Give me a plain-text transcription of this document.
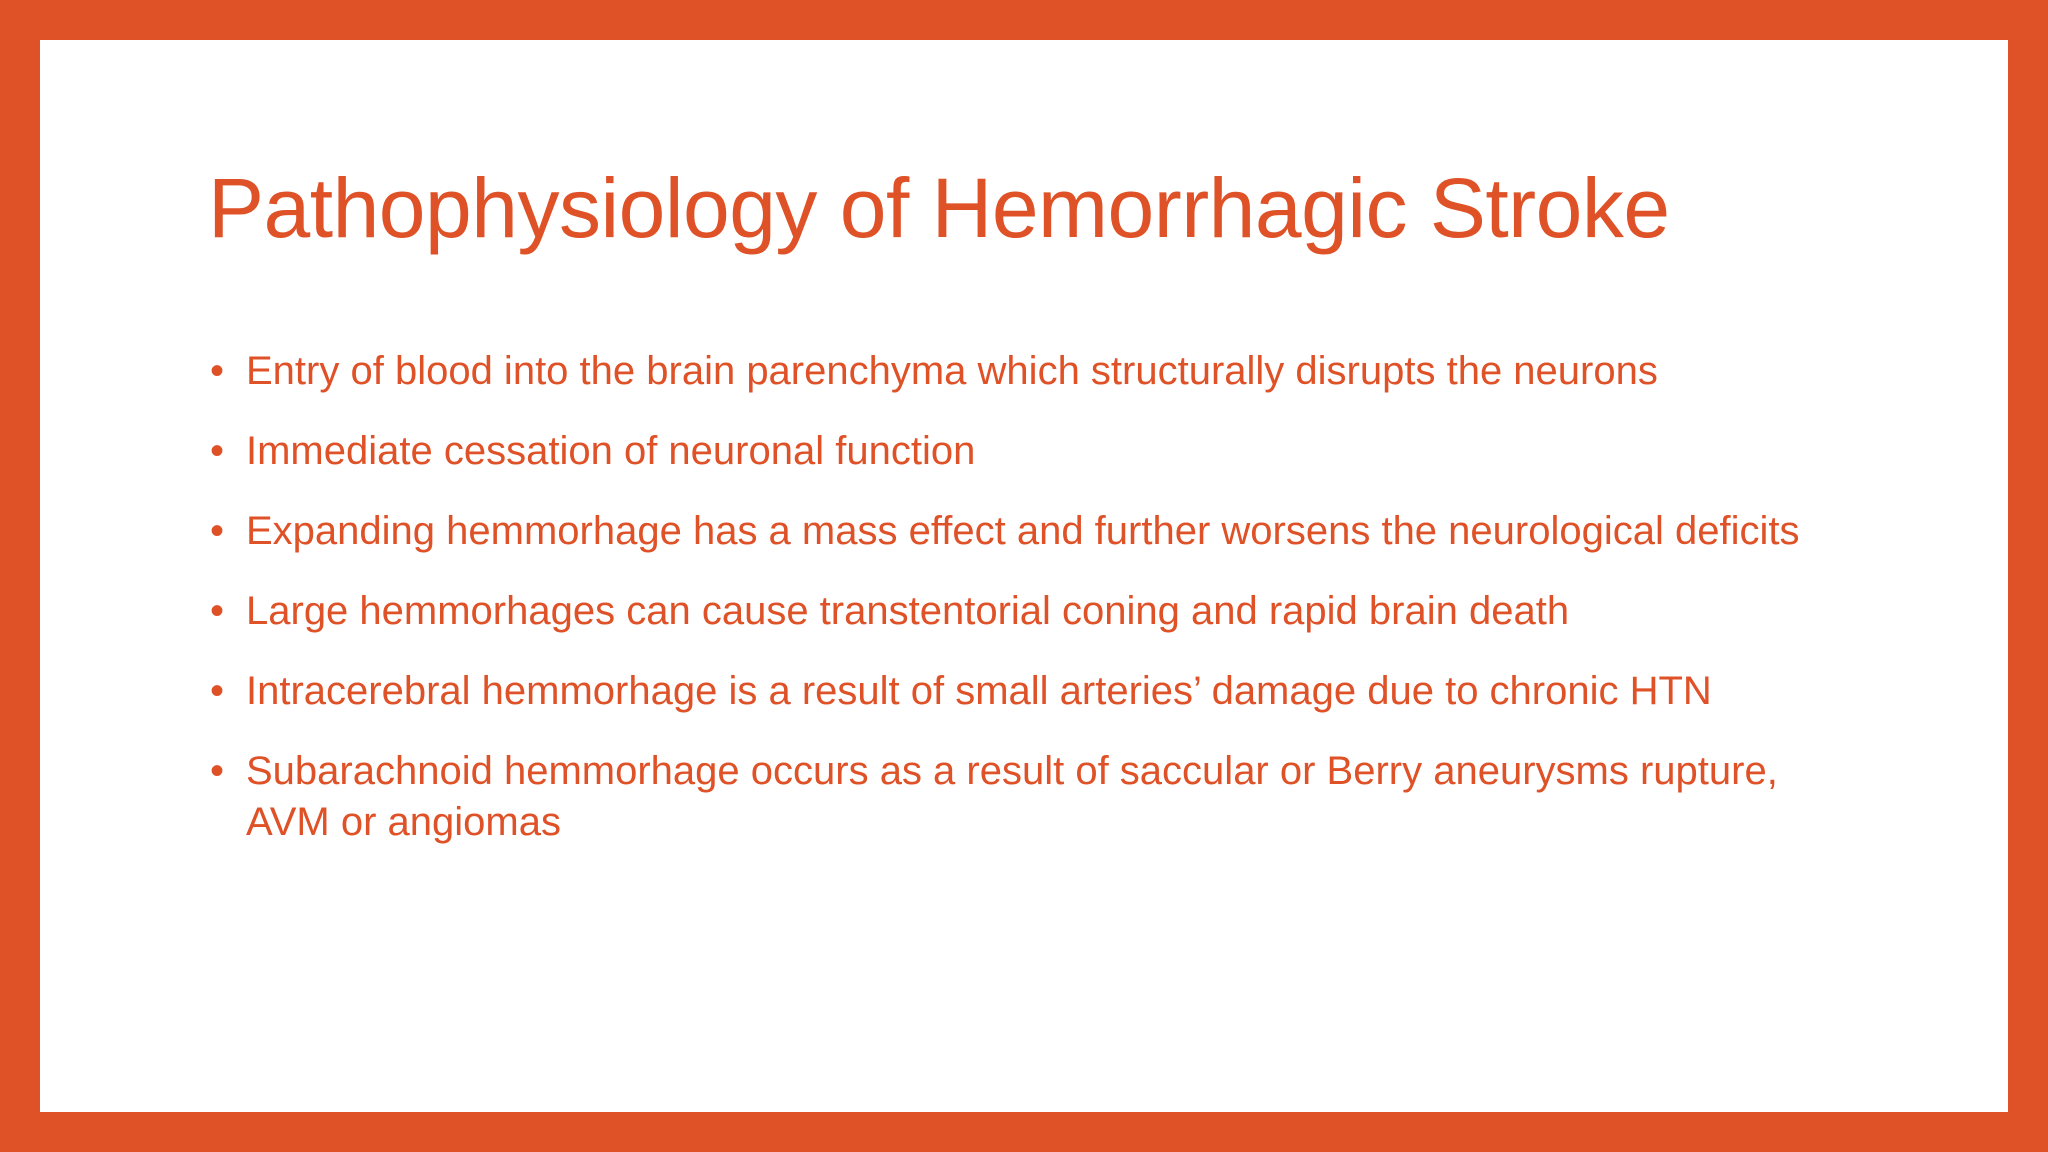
Pathophysiology of Hemorrhagic Stroke
• Entry of blood into the brain parenchyma which structurally disrupts the neurons
• Immediate cessation of neuronal function
• Expanding hemmorhage has a mass effect and further worsens the neurological deficits
• Large hemmorhages can cause transtentorial coning and rapid brain death
• Intracerebral hemmorhage is a result of small arteries’ damage due to chronic HTN
• Subarachnoid hemmorhage occurs as a result of saccular or Berry aneurysms rupture, AVM or angiomas
